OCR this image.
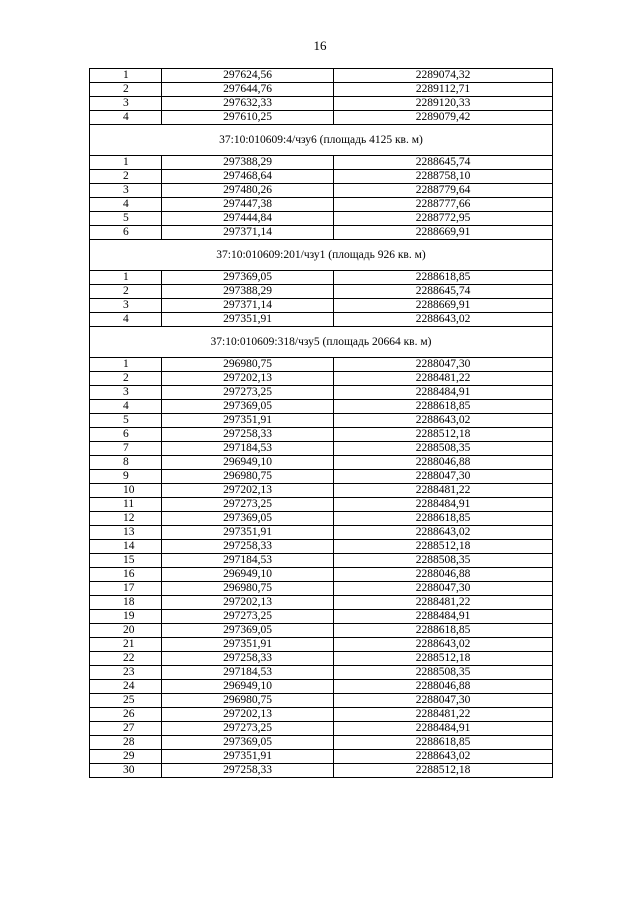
16
1	297624,56	2289074,32
2	297644,76	2289112,71
3	297632,33	2289120,33
4	297610,25	2289079,42
37:10:010609:4/чзу6 (площадь 4125 кв. м)		
1	297388,29	2288645,74
2	297468,64	2288758,10
3	297480,26	2288779,64
4	297447,38	2288777,66
5	297444,84	2288772,95
6	297371,14	2288669,91
37:10:010609:201/чзу1 (площадь 926 кв. м)		
1	297369,05	2288618,85
2	297388,29	2288645,74
3	297371,14	2288669,91
4	297351,91	2288643,02
37:10:010609:318/чзу5 (площадь 20664 кв. м)		
1	296980,75	2288047,30
2	297202,13	2288481,22
3	297273,25	2288484,91
4	297369,05	2288618,85
5	297351,91	2288643,02
6	297258,33	2288512,18
7	297184,53	2288508,35
8	296949,10	2288046,88
9	296980,75	2288047,30
10	297202,13	2288481,22
11	297273,25	2288484,91
12	297369,05	2288618,85
13	297351,91	2288643,02
14	297258,33	2288512,18
15	297184,53	2288508,35
16	296949,10	2288046,88
17	296980,75	2288047,30
18	297202,13	2288481,22
19	297273,25	2288484,91
20	297369,05	2288618,85
21	297351,91	2288643,02
22	297258,33	2288512,18
23	297184,53	2288508,35
24	296949,10	2288046,88
25	296980,75	2288047,30
26	297202,13	2288481,22
27	297273,25	2288484,91
28	297369,05	2288618,85
29	297351,91	2288643,02
30	297258,33	2288512,18
